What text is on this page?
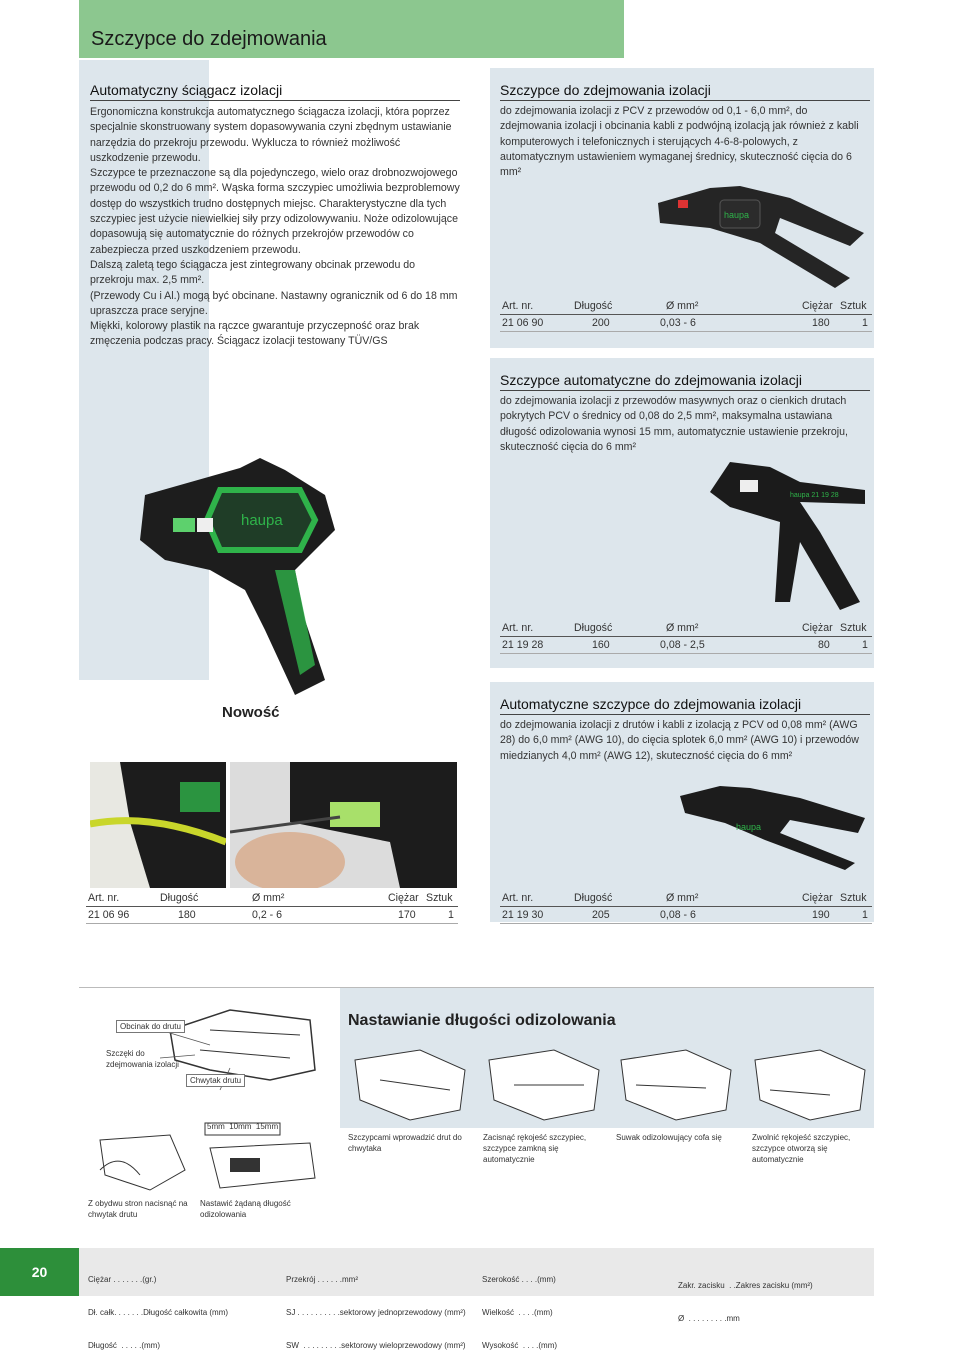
Szczypce do zdejmowania
Automatyczny ściągacz izolacji

Ergonomiczna konstrukcja automatycznego ściągacza izolacji, która poprzez specjalnie skonstruowany system dopasowywania czyni zbędnym ustawianie narzędzia do przekroju przewodu. Wyklucza to również możliwość uszkodzenie przewodu.

Szczypce te przeznaczone są dla pojedynczego, wielo oraz drobnozwojowego przewodu od 0,2 do 6 mm². Wąska forma szczypiec umożliwia bezproblemowy dostęp do wszystkich trudno dostępnych miejsc. Charakterystyczne dla tych szczypiec jest użycie niewielkiej siły przy odizolowywaniu. Noże odizolowujące dopasowują się automatycznie do różnych przekrojów przewodów co zabezpiecza przed uszkodzeniem przewodu.

Dalszą zaletą tego ściągacza jest zintegrowany obcinak przewodu do przekroju max. 2,5 mm².

(Przewody Cu i Al.) mogą być obcinane. Nastawny ogranicznik od 6 do 18 mm upraszcza prace seryjne.

Miękki, kolorowy plastik na rączce gwarantuje przyczepność oraz brak zmęczenia podczas pracy. Ściągacz izolacji testowany TÜV/GS

haupa
Nowość
Art. nr.	Długość	Ø mm²	Ciężar Sztuk
21 06 96	180	0,2 - 6	170	1
Szczypce do zdejmowania izolacji
do zdejmowania izolacji z PCV z przewodów od 0,1 - 6,0 mm², do zdejmowania izolacji i obcinania kabli z podwójną izolacją jak również z kabli komputerowych i telefonicznych i sterujących 4-6-8-polowych, z automatycznym ustawieniem wymaganej średnicy, skuteczność cięcia do 6 mm²
haupa
Art. nr.	Długość	Ø mm²	Ciężar Sztuk
21 06 90	200	0,03 - 6	180	1
Szczypce automatyczne do zdejmowania izolacji
do zdejmowania izolacji z przewodów masywnych oraz o cienkich drutach pokrytych PCV o średnicy od 0,08 do 2,5 mm², maksymalna ustawiana długość odizolowania wynosi 15 mm, automatycznie ustawienie przekroju, skuteczność cięcia do 6 mm²
haupa 21 19 28
Art. nr.	Długość	Ø mm²	Ciężar Sztuk
21 19 28	160	0,08 - 2,5	80	1
Automatyczne szczypce do zdejmowania izolacji
do zdejmowania izolacji z drutów i kabli z izolacją z PCV od 0,08 mm² (AWG 28) do 6,0 mm² (AWG 10), do cięcia splotek 6,0 mm² (AWG 10) i przewodów miedzianych 4,0 mm² (AWG 12), skuteczność cięcia do 6 mm²
haupa
Art. nr.	Długość	Ø mm²	Ciężar Sztuk
21 19 30	205	0,08 - 6	190	1
Nastawianie długości odizolowania
Obcinak do drutu
Szczęki do zdejmowania izolacji
Chwytak drutu
5mm  10mm  15mm
Z obydwu stron nacisnąć na chwytak drutu
Nastawić żądaną długość odizolowania
Szczypcami wprowadzić drut do chwytaka
Zacisnąć rękojeść szczypiec, szczypce zamkną się automatycznie
Suwak odizolowujący cofa się	Zwolnić rękojeść szczypiec, szczypce otworzą się automatycznie
20

	Ciężar . . . . . . .(gr.)

Dł. całk. . . . . . .Długość całkowita (mm)

Długość  . . . . .(mm)

Przekrój . . . . . .mm²

SJ . . . . . . . . . .sektorowy jednoprzewodowy (mm²)

SW  . . . . . . . . .sektorowy wieloprzewodowy (mm²)

Szerokość . . . .(mm)

Wielkość  . . . .(mm)

Wysokość  . . . .(mm)

Zakr. zacisku  . .Zakres zacisku (mm²)

Ø  . . . . . . . . .mm
